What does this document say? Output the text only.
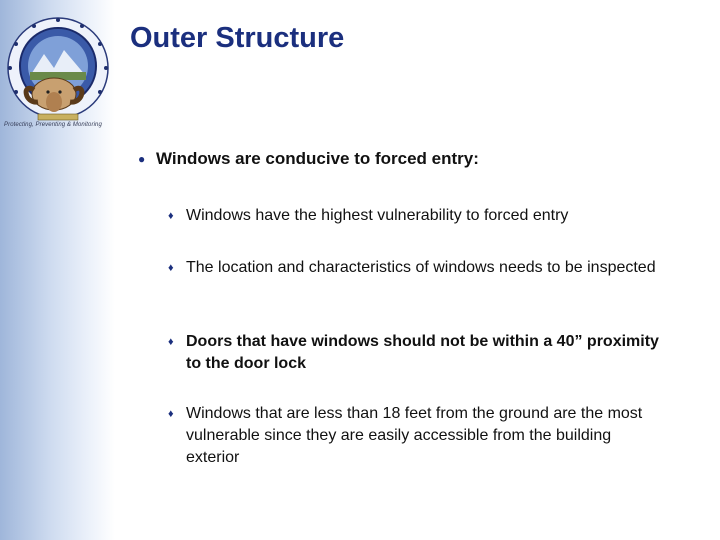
Protecting, Preventing & Monitoring
Outer Structure
● Windows are conducive to forced entry:
♦ Windows have the highest vulnerability to forced entry
♦ The location and characteristics of windows needs to be inspected
♦ Doors that have windows should not be within a 40” proximity to the door lock
♦ Windows that are less than 18 feet from the ground are the most vulnerable since they are easily accessible from the building exterior
